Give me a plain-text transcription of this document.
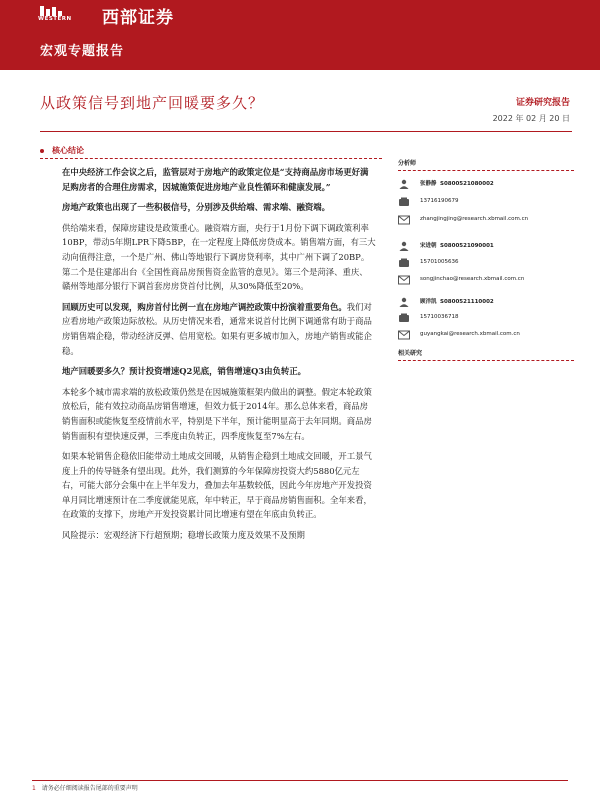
WESTERN 西部证券
宏观专题报告
从政策信号到地产回暖要多久？	证券研究报告
2022 年 02 月 20 日
核心结论

在中央经济工作会议之后，监管层对于房地产的政策定位是“支持商品房市场更好满足购房者的合理住房需求，因城施策促进房地产业良性循环和健康发展。”

房地产政策也出现了一些积极信号，分别涉及供给端、需求端、融资端。

供给端来看，保障房建设是政策重心。融资端方面，央行于1月份下调下调政策利率10BP，带动5年期LPR下降5BP，在一定程度上降低房贷成本。销售端方面，有三大动向值得注意，一个是广州、佛山等地银行下调房贷利率，其中广州下调了20BP。第二个是住建部出台《全国性商品房预售资金监管的意见》。第三个是菏泽、重庆、赣州等地部分银行下调首套房房贷首付比例，从30%降低至20%。

回顾历史可以发现，购房首付比例一直在房地产调控政策中扮演着重要角色。我们对应看房地产政策边际放松。从历史情况来看，通常来说首付比例下调通常有助于商品房销售端企稳，带动经济反弹、信用宽松。如果有更多城市加入，房地产销售或能企稳。

地产回暖要多久？预计投资增速Q2见底，销售增速Q3由负转正。

本轮多个城市需求端的放松政策仍然是在因城施策框架内做出的调整。假定本轮政策放松后，能有效拉动商品房销售增速，但效力低于2014年。那么总体来看，商品房销售面积或能恢复至疫情前水平，特别是下半年，预计能明显高于去年同期。商品房销售面积有望快速反弹，三季度由负转正，四季度恢复至7%左右。

如果本轮销售企稳依旧能带动土地成交回暖，从销售企稳到土地成交回暖，开工景气度上升的传导链条有望出现。此外，我们测算的今年保障房投资大约5880亿元左右，可能大部分会集中在上半年发力，叠加去年基数较低，因此今年房地产开发投资单月同比增速预计在二季度就能见底，年中转正，早于商品房销售面积。全年来看，在政策的支撑下，房地产开发投资累计同比增速有望在年底由负转正。

风险提示：宏观经济下行超预期；稳增长政策力度及效果不及预期

分析师
张静静 S0800521080002
13716190679
zhangjingjing@research.xbmail.com.cn
宋进朝 S0800521090001
15701005636
songjinchao@research.xbmail.com.cn
顾洋凯 S0800521110002
15710036718
guyangkai@research.xbmail.com.cn
相关研究
1 请务必仔细阅读报告尾部的重要声明
